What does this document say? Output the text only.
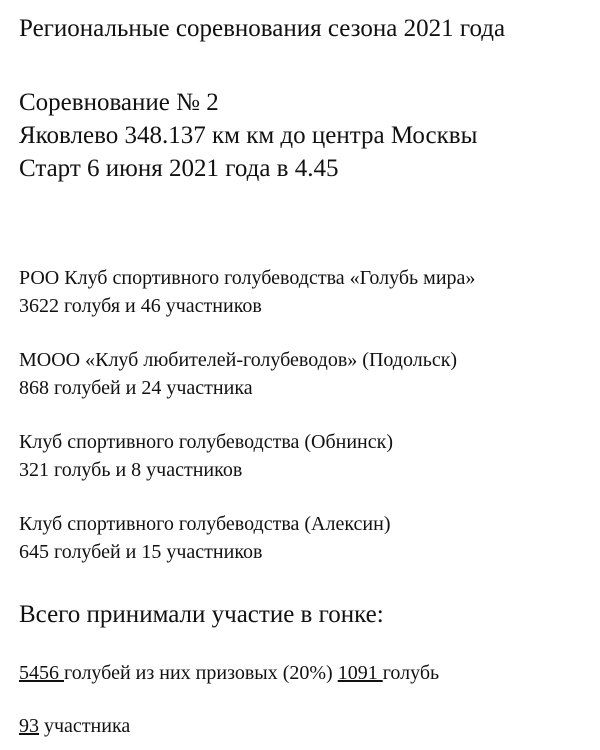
Региональные соревнования сезона 2021 года
Соревнование № 2
Яковлево 348.137 км км до центра Москвы
Старт 6 июня 2021 года в 4.45
РОО Клуб спортивного голубеводства «Голубь мира»
3622 голубя и 46 участников
МООО «Клуб любителей-голубеводов» (Подольск)
868 голубей и 24 участника
Клуб спортивного голубеводства (Обнинск)
321 голубь и 8 участников
Клуб спортивного голубеводства (Алексин)
645 голубей и 15 участников
Всего принимали участие в гонке:
5456 голубей из них призовых (20%) 1091 голубь
93 участника
